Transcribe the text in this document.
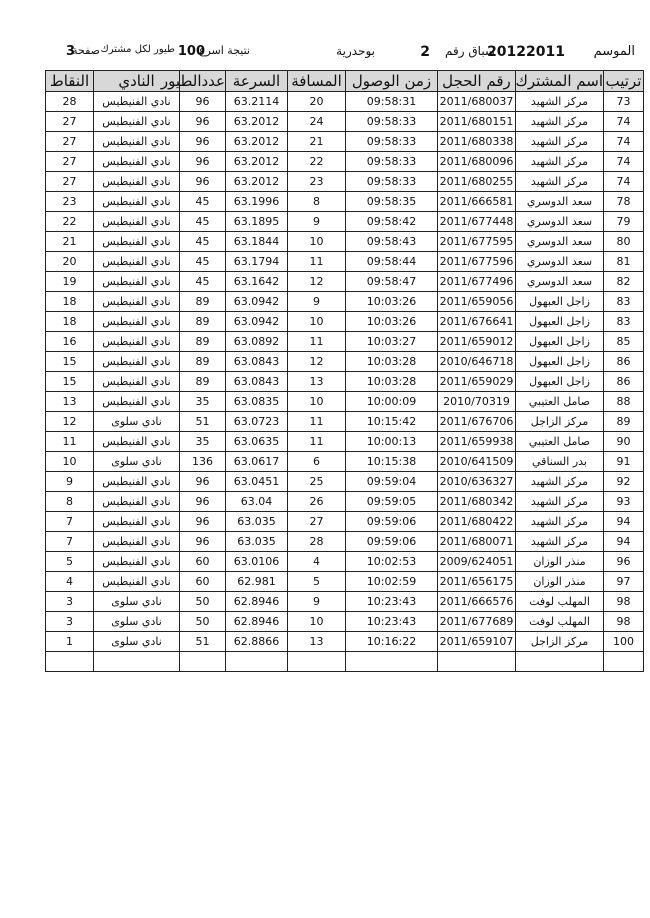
الموسم
20122011
سباق رقم
2
بوحدرية
نتيجة اسرع
100
طيور لكل مشترك
صفحة
3
ترتيب	اسم المشترك	رقم الحجل	زمن الوصول	المسافة	السرعة	عددالطيور	النادي	النقاط
73	مركز الشهيد	2011/680037	09:58:31	20	63.2114	96	نادي الفنيطيس	28
74	مركز الشهيد	2011/680151	09:58:33	24	63.2012	96	نادي الفنيطيس	27
74	مركز الشهيد	2011/680338	09:58:33	21	63.2012	96	نادي الفنيطيس	27
74	مركز الشهيد	2011/680096	09:58:33	22	63.2012	96	نادي الفنيطيس	27
74	مركز الشهيد	2011/680255	09:58:33	23	63.2012	96	نادي الفنيطيس	27
78	سعد الدوسري	2011/666581	09:58:35	8	63.1996	45	نادي الفنيطيس	23
79	سعد الدوسري	2011/677448	09:58:42	9	63.1895	45	نادي الفنيطيس	22
80	سعد الدوسري	2011/677595	09:58:43	10	63.1844	45	نادي الفنيطيس	21
81	سعد الدوسري	2011/677596	09:58:44	11	63.1794	45	نادي الفنيطيس	20
82	سعد الدوسري	2011/677496	09:58:47	12	63.1642	45	نادي الفنيطيس	19
83	زاجل العبهول	2011/659056	10:03:26	9	63.0942	89	نادي الفنيطيس	18
83	زاجل العبهول	2011/676641	10:03:26	10	63.0942	89	نادي الفنيطيس	18
85	زاجل العبهول	2011/659012	10:03:27	11	63.0892	89	نادي الفنيطيس	16
86	زاجل العبهول	2010/646718	10:03:28	12	63.0843	89	نادي الفنيطيس	15
86	زاجل العبهول	2011/659029	10:03:28	13	63.0843	89	نادي الفنيطيس	15
88	صامل العتيبي	2010/70319	10:00:09	10	63.0835	35	نادي الفنيطيس	13
89	مركز الزاجل	2011/676706	10:15:42	11	63.0723	51	نادي سلوى	12
90	صامل العتيبي	2011/659938	10:00:13	11	63.0635	35	نادي الفنيطيس	11
91	بدر السناقي	2010/641509	10:15:38	6	63.0617	136	نادي سلوى	10
92	مركز الشهيد	2010/636327	09:59:04	25	63.0451	96	نادي الفنيطيس	9
93	مركز الشهيد	2011/680342	09:59:05	26	63.04	96	نادي الفنيطيس	8
94	مركز الشهيد	2011/680422	09:59:06	27	63.035	96	نادي الفنيطيس	7
94	مركز الشهيد	2011/680071	09:59:06	28	63.035	96	نادي الفنيطيس	7
96	منذر الوزان	2009/624051	10:02:53	4	63.0106	60	نادي الفنيطيس	5
97	منذر الوزان	2011/656175	10:02:59	5	62.981	60	نادي الفنيطيس	4
98	المهلب لوفت	2011/666576	10:23:43	9	62.8946	50	نادي سلوى	3
98	المهلب لوفت	2011/677689	10:23:43	10	62.8946	50	نادي سلوى	3
100	مركز الزاجل	2011/659107	10:16:22	13	62.8866	51	نادي سلوى	1
